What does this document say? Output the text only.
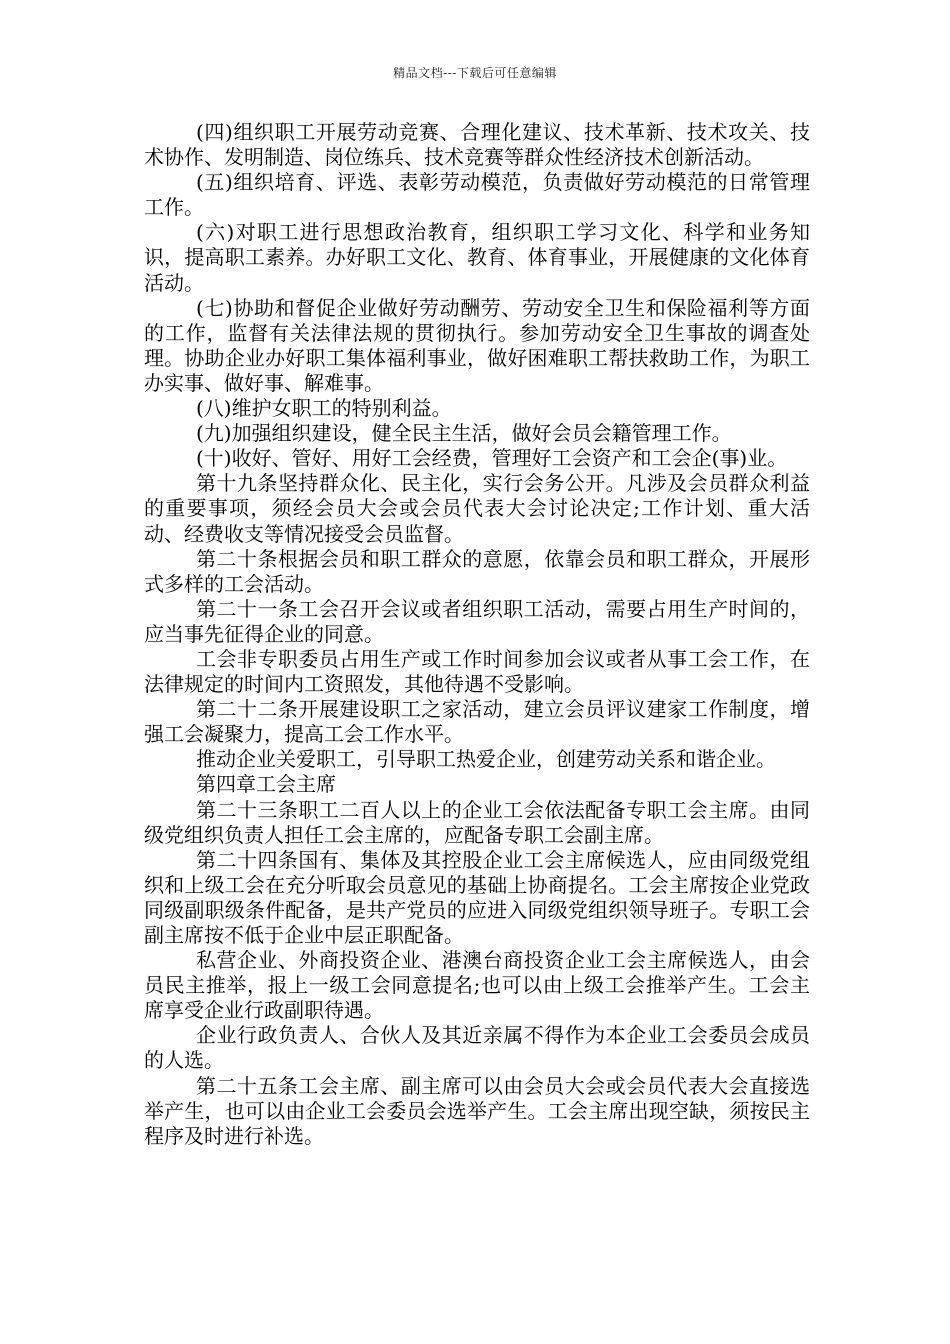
精品文档---下载后可任意编辑

(四)组织职工开展劳动竞赛、合理化建议、技术革新、技术攻关、技术协作、发明制造、岗位练兵、技术竞赛等群众性经济技术创新活动。

(五)组织培育、评选、表彰劳动模范，负责做好劳动模范的日常管理工作。

(六)对职工进行思想政治教育，组织职工学习文化、科学和业务知识，提高职工素养。办好职工文化、教育、体育事业，开展健康的文化体育活动。

(七)协助和督促企业做好劳动酬劳、劳动安全卫生和保险福利等方面的工作，监督有关法律法规的贯彻执行。参加劳动安全卫生事故的调查处理。协助企业办好职工集体福利事业，做好困难职工帮扶救助工作，为职工办实事、做好事、解难事。

(八)维护女职工的特别利益。

(九)加强组织建设，健全民主生活，做好会员会籍管理工作。

(十)收好、管好、用好工会经费，管理好工会资产和工会企(事)业。

第十九条坚持群众化、民主化，实行会务公开。凡涉及会员群众利益的重要事项，须经会员大会或会员代表大会讨论决定;工作计划、重大活动、经费收支等情况接受会员监督。

第二十条根据会员和职工群众的意愿，依靠会员和职工群众，开展形式多样的工会活动。

第二十一条工会召开会议或者组织职工活动，需要占用生产时间的，应当事先征得企业的同意。

工会非专职委员占用生产或工作时间参加会议或者从事工会工作，在法律规定的时间内工资照发，其他待遇不受影响。

第二十二条开展建设职工之家活动，建立会员评议建家工作制度，增强工会凝聚力，提高工会工作水平。

推动企业关爱职工，引导职工热爱企业，创建劳动关系和谐企业。

第四章工会主席

第二十三条职工二百人以上的企业工会依法配备专职工会主席。由同级党组织负责人担任工会主席的，应配备专职工会副主席。

第二十四条国有、集体及其控股企业工会主席候选人，应由同级党组织和上级工会在充分听取会员意见的基础上协商提名。工会主席按企业党政同级副职级条件配备，是共产党员的应进入同级党组织领导班子。专职工会副主席按不低于企业中层正职配备。

私营企业、外商投资企业、港澳台商投资企业工会主席候选人，由会员民主推举，报上一级工会同意提名;也可以由上级工会推举产生。工会主席享受企业行政副职待遇。

企业行政负责人、合伙人及其近亲属不得作为本企业工会委员会成员的人选。

第二十五条工会主席、副主席可以由会员大会或会员代表大会直接选举产生，也可以由企业工会委员会选举产生。工会主席出现空缺，须按民主程序及时进行补选。
